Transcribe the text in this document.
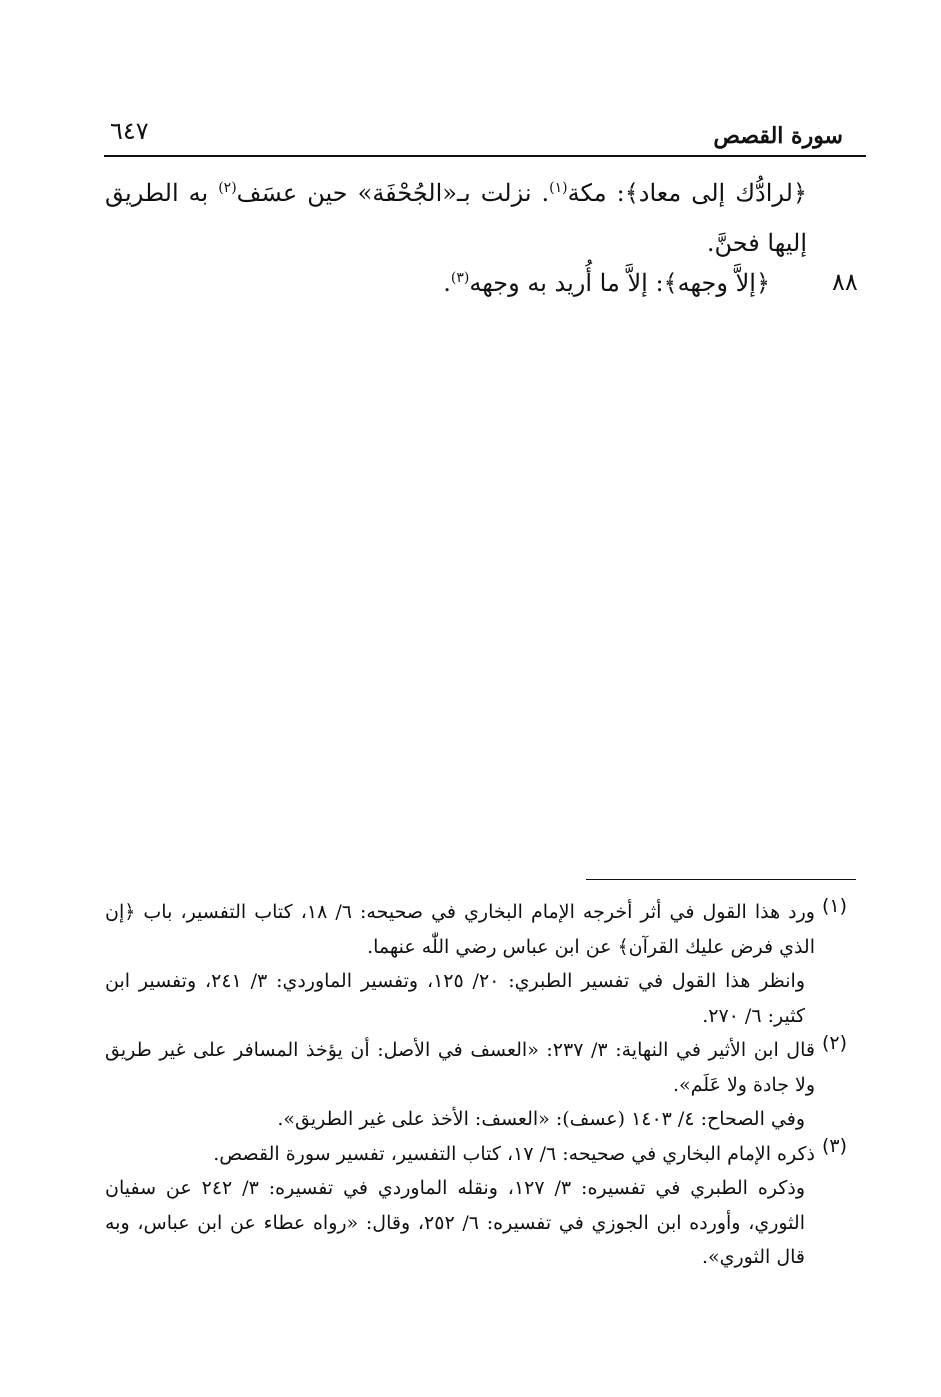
٦٤٧	سورة القصص

﴿لرادُّك إلى معاد﴾: مكة$^{(١)}$. نزلت بـ«الجُحْفَة» حين عسَف$^{(٢)}$ به الطريق إليها فحنَّ.

٨٨
﴿إلاَّ وجهه﴾: إلاَّ ما أُريد به وجهه$^{(٣)}$.
(١)
(٢)
(٣)

ورد هذا القول في أثر أخرجه الإمام البخاري في صحيحه: ٦/ ١٨، كتاب التفسير، باب ﴿إن الذي فرض عليك القرآن﴾ عن ابن عباس رضي اللّٰه عنهما.

وانظر هذا القول في تفسير الطبري: ٢٠/ ١٢٥، وتفسير الماوردي: ٣/ ٢٤١، وتفسير ابن كثير: ٦/ ٢٧٠.

قال ابن الأثير في النهاية: ٣/ ٢٣٧: «العسف في الأصل: أن يؤخذ المسافر على غير طريق ولا جادة ولا عَلَم».

وفي الصحاح: ٤/ ١٤٠٣ (عسف): «العسف: الأخذ على غير الطريق».

ذكره الإمام البخاري في صحيحه: ٦/ ١٧، كتاب التفسير، تفسير سورة القصص.

وذكره الطبري في تفسيره: ٣/ ١٢٧، ونقله الماوردي في تفسيره: ٣/ ٢٤٢ عن سفيان الثوري، وأورده ابن الجوزي في تفسيره: ٦/ ٢٥٢، وقال: «رواه عطاء عن ابن عباس، وبه قال الثوري».
